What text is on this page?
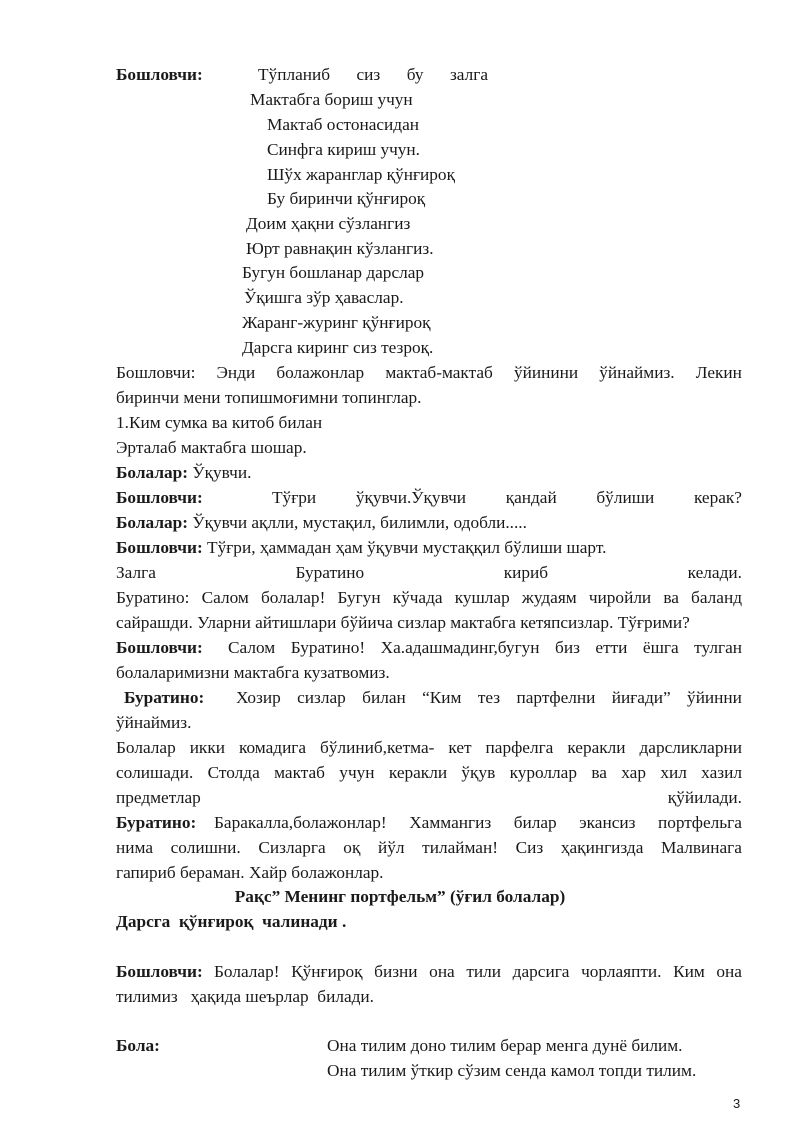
Бошловчи:	Тўпланиб сиз бу залга
Мактабга бориш учун
Мактаб остонасидан
Синфга кириш учун.
Шўх жаранглар қўнғироқ
Бу биринчи қўнғироқ
Доим ҳақни сўзлангиз
Юрт равнақин кўзлангиз.
Бугун бошланар дарслар
Ўқишга зўр ҳаваслар.
Жаранг-журинг қўнғироқ
Дарсга киринг сиз тезроқ.
Бошловчи: Энди болажонлар мактаб-мактаб ўйинини ўйнаймиз. Лекин
биринчи мени топишмоғимни топинглар.
1.Ким сумка ва китоб билан
Эрталаб мактабга шошар.
Болалар: Ўқувчи.
Бошловчи:	Тўғри ўқувчи.Ўқувчи қандай бўлиши керак?
Болалар: Ўқувчи ақлли, мустақил, билимли, одобли.....
Бошловчи: Тўғри, ҳаммадан ҳам ўқувчи мустаққил бўлиши шарт.
Залга	Буратино	кириб	келади.
Буратино: Салом болалар! Бугун кўчада кушлар жудаям чиройли ва баланд
сайрашди. Уларни айтишлари бўйича сизлар мактабга кетяпсизлар. Тўғрими?
Бошловчи: Салом Буратино! Ха.адашмадинг,бугун биз етти ёшга тулган
болаларимизни мактабга кузатвомиз.
Буратино: Хозир сизлар билан “Ким тез партфелни йиғади” ўйинни
ўйнаймиз.
Болалар икки комадига бўлиниб,кетма- кет парфелга керакли дарсликларни
солишади. Столда мактаб учун керакли ўқув куроллар ва хар хил хазил
предметлар	қўйилади.
Буратино: Баракалла,болажонлар! Хаммангиз билар экансиз портфельга
нима солишни. Сизларга оқ йўл тилайман! Сиз ҳақингизда Малвинага
гапириб бераман. Хайр болажонлар.
Рақс” Менинг портфельм” (ўғил болалар)
Дарсга  қўнғироқ  чалинади .
Бошловчи: Болалар! Қўнғироқ бизни она тили дарсига чорлаяпти. Ким она
тилимиз   ҳақида шеърлар  билади.
Бола:	Она тилим доно тилим берар менга дунё билим.
Она тилим ўткир сўзим сенда камол топди тилим.
3
